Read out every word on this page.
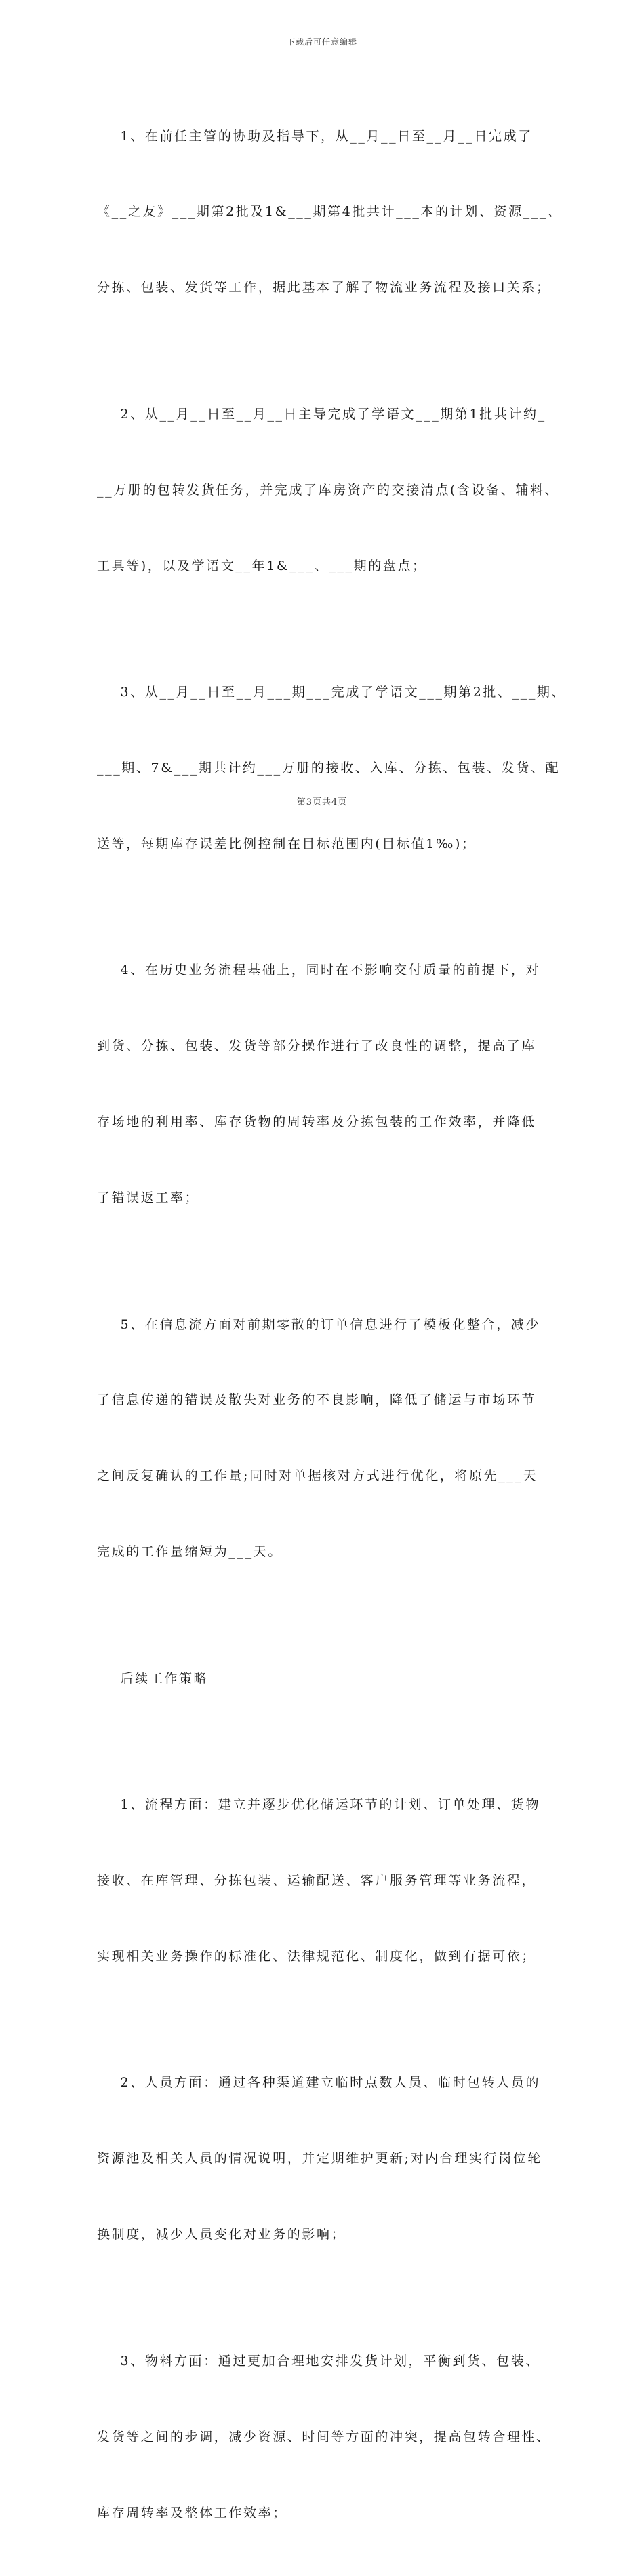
下载后可任意编辑

1、在前任主管的协助及指导下，从__月__日至__月__日完成了

《__之友》___期第2批及1&___期第4批共计___本的计划、资源___、

分拣、包装、发货等工作，据此基本了解了物流业务流程及接口关系；

2、从__月__日至__月__日主导完成了学语文___期第1批共计约_

__万册的包转发货任务，并完成了库房资产的交接清点(含设备、辅料、

工具等)，以及学语文__年1&___、___期的盘点；

3、从__月__日至__月___期___完成了学语文___期第2批、___期、

___期、7&___期共计约___万册的接收、入库、分拣、包装、发货、配

送等，每期库存误差比例控制在目标范围内(目标值1‰)；

4、在历史业务流程基础上，同时在不影响交付质量的前提下，对

到货、分拣、包装、发货等部分操作进行了改良性的调整，提高了库

存场地的利用率、库存货物的周转率及分拣包装的工作效率，并降低

了错误返工率；

5、在信息流方面对前期零散的订单信息进行了模板化整合，减少

了信息传递的错误及散失对业务的不良影响，降低了储运与市场环节

之间反复确认的工作量;同时对单据核对方式进行优化，将原先___天

完成的工作量缩短为___天。

后续工作策略

1、流程方面：建立并逐步优化储运环节的计划、订单处理、货物

接收、在库管理、分拣包装、运输配送、客户服务管理等业务流程，

实现相关业务操作的标准化、法律规范化、制度化，做到有据可依；

2、人员方面：通过各种渠道建立临时点数人员、临时包转人员的

资源池及相关人员的情况说明，并定期维护更新;对内合理实行岗位轮

换制度，减少人员变化对业务的影响；

3、物料方面：通过更加合理地安排发货计划，平衡到货、包装、

发货等之间的步调，减少资源、时间等方面的冲突，提高包转合理性、

库存周转率及整体工作效率；

第3页共4页
